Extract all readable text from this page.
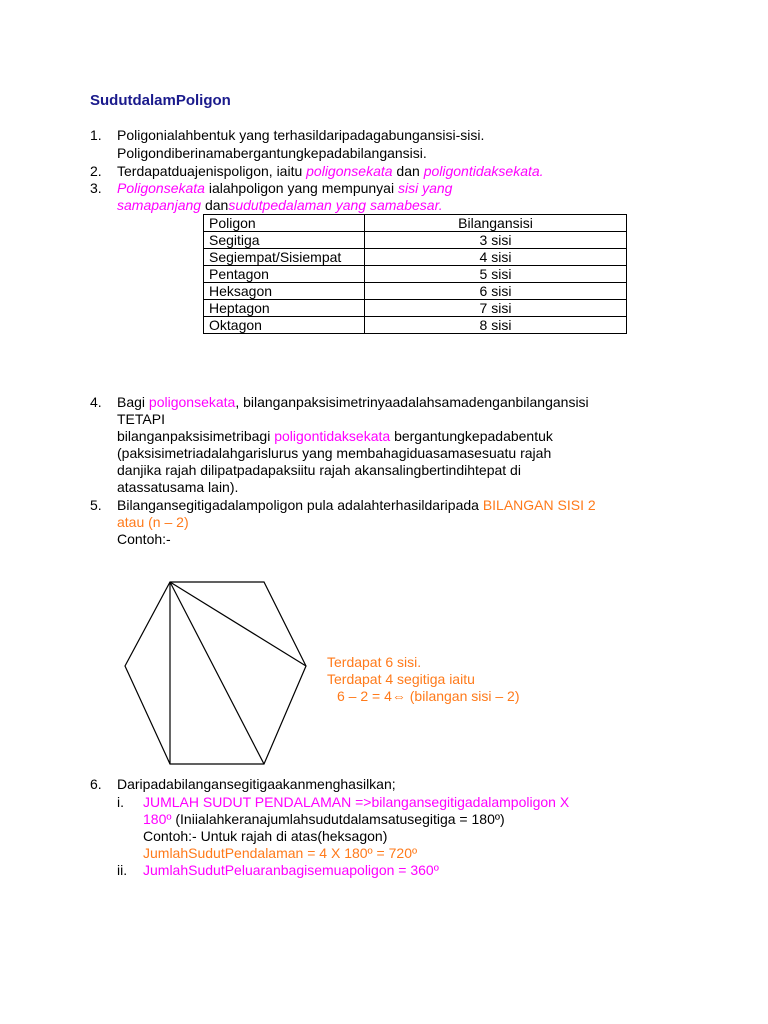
SudutdalamPoligon
1. Poligonialahbentuk yang terhasildaripadagabungansisi-sisi.
Poligondiberinamabergantungkepadabilangansisi.
2. Terdapatduajenispoligon, iaitu poligonsekata dan poligontidaksekata.
3. Poligonsekata ialahpoligon yang mempunyai sisi yang
samapanjang dansudutpedalaman yang samabesar.
Poligon	Bilangansisi
Segitiga	3 sisi
Segiempat/Sisiempat	4 sisi
Pentagon	5 sisi
Heksagon	6 sisi
Heptagon	7 sisi
Oktagon	8 sisi
4. Bagi poligonsekata, bilanganpaksisimetrinyaadalahsamadenganbilangansisi
TETAPI
bilanganpaksisimetribagi poligontidaksekata bergantungkepadabentuk
(paksisimetriadalahgarislurus yang membahagiduasamasesuatu rajah
danjika rajah dilipatpadapaksiitu rajah akansalingbertindihtepat di
atassatusama lain).
5. Bilangansegitigadalampoligon pula adalahterhasildaripada BILANGAN SISI 2
atau (n – 2)
Contoh:-
Terdapat 6 sisi.
Terdapat 4 segitiga iaitu
6 – 2 = 4⇔ (bilangan sisi – 2)
6. Daripadabilangansegitigaakanmenghasilkan;
i. JUMLAH SUDUT PENDALAMAN =>bilangansegitigadalampoligon X
180º (Iniialahkeranajumlahsudutdalamsatusegitiga = 180º)
Contoh:- Untuk rajah di atas(heksagon)
JumlahSudutPendalaman = 4 X 180º = 720º
ii. JumlahSudutPeluaranbagisemuapoligon = 360º
